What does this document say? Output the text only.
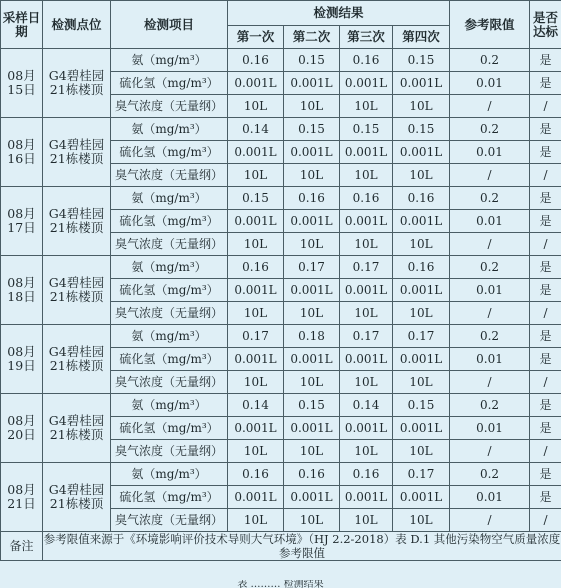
采样日期	检测点位	检测项目	检测结果				参考限值	是否达标
			第一次	第二次	第三次	第四次		
08月15日	G4碧桂园21栋楼顶	氨（mg/m³）	0.16	0.15	0.16	0.15	0.2	是
		硫化氢（mg/m³）	0.001L	0.001L	0.001L	0.001L	0.01	是
		臭气浓度（无量纲）	10L	10L	10L	10L	/	/
08月16日	G4碧桂园21栋楼顶	氨（mg/m³）	0.14	0.15	0.15	0.15	0.2	是
		硫化氢（mg/m³）	0.001L	0.001L	0.001L	0.001L	0.01	是
		臭气浓度（无量纲）	10L	10L	10L	10L	/	/
08月17日	G4碧桂园21栋楼顶	氨（mg/m³）	0.15	0.16	0.16	0.16	0.2	是
		硫化氢（mg/m³）	0.001L	0.001L	0.001L	0.001L	0.01	是
		臭气浓度（无量纲）	10L	10L	10L	10L	/	/
08月18日	G4碧桂园21栋楼顶	氨（mg/m³）	0.16	0.17	0.17	0.16	0.2	是
		硫化氢（mg/m³）	0.001L	0.001L	0.001L	0.001L	0.01	是
		臭气浓度（无量纲）	10L	10L	10L	10L	/	/
08月19日	G4碧桂园21栋楼顶	氨（mg/m³）	0.17	0.18	0.17	0.17	0.2	是
		硫化氢（mg/m³）	0.001L	0.001L	0.001L	0.001L	0.01	是
		臭气浓度（无量纲）	10L	10L	10L	10L	/	/
08月20日	G4碧桂园21栋楼顶	氨（mg/m³）	0.14	0.15	0.14	0.15	0.2	是
		硫化氢（mg/m³）	0.001L	0.001L	0.001L	0.001L	0.01	是
		臭气浓度（无量纲）	10L	10L	10L	10L	/	/
08月21日	G4碧桂园21栋楼顶	氨（mg/m³）	0.16	0.16	0.16	0.17	0.2	是
		硫化氢（mg/m³）	0.001L	0.001L	0.001L	0.001L	0.01	是
		臭气浓度（无量纲）	10L	10L	10L	10L	/	/
备注	参考限值来源于《环境影响评价技术导则大气环境》（HJ 2.2-2018）表 D.1 其他污染物空气质量浓度参考限值							
表 ……… 检测结果
